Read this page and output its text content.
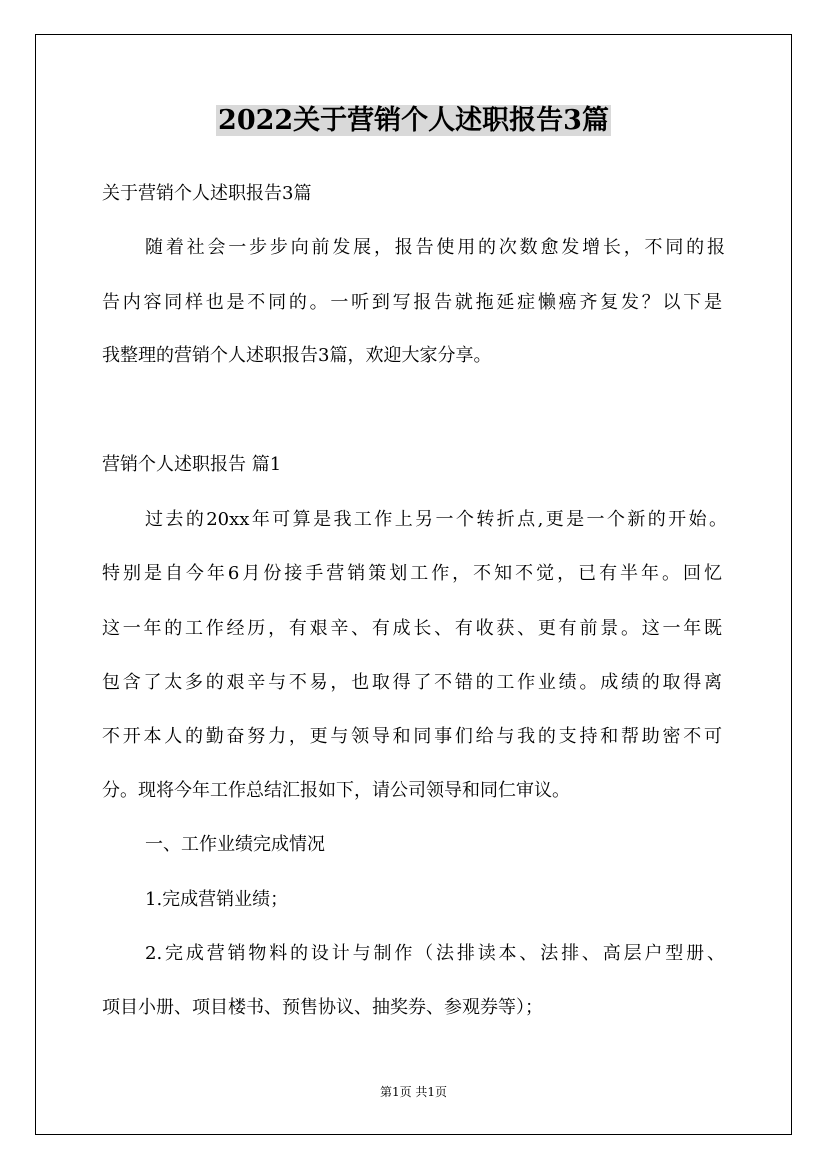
2022关于营销个人述职报告3篇
关于营销个人述职报告3篇
随着社会一步步向前发展，报告使用的次数愈发增长，不同的报
告内容同样也是不同的。一听到写报告就拖延症懒癌齐复发？以下是
我整理的营销个人述职报告3篇，欢迎大家分享。
营销个人述职报告 篇1
过去的20xx年可算是我工作上另一个转折点,更是一个新的开始。
特别是自今年6月份接手营销策划工作，不知不觉，已有半年。回忆
这一年的工作经历，有艰辛、有成长、有收获、更有前景。这一年既
包含了太多的艰辛与不易，也取得了不错的工作业绩。成绩的取得离
不开本人的勤奋努力，更与领导和同事们给与我的支持和帮助密不可
分。现将今年工作总结汇报如下，请公司领导和同仁审议。
一、工作业绩完成情况
1.完成营销业绩；
2.完成营销物料的设计与制作（法排读本、法排、高层户型册、
项目小册、项目楼书、预售协议、抽奖券、参观券等）；
第1页 共1页
